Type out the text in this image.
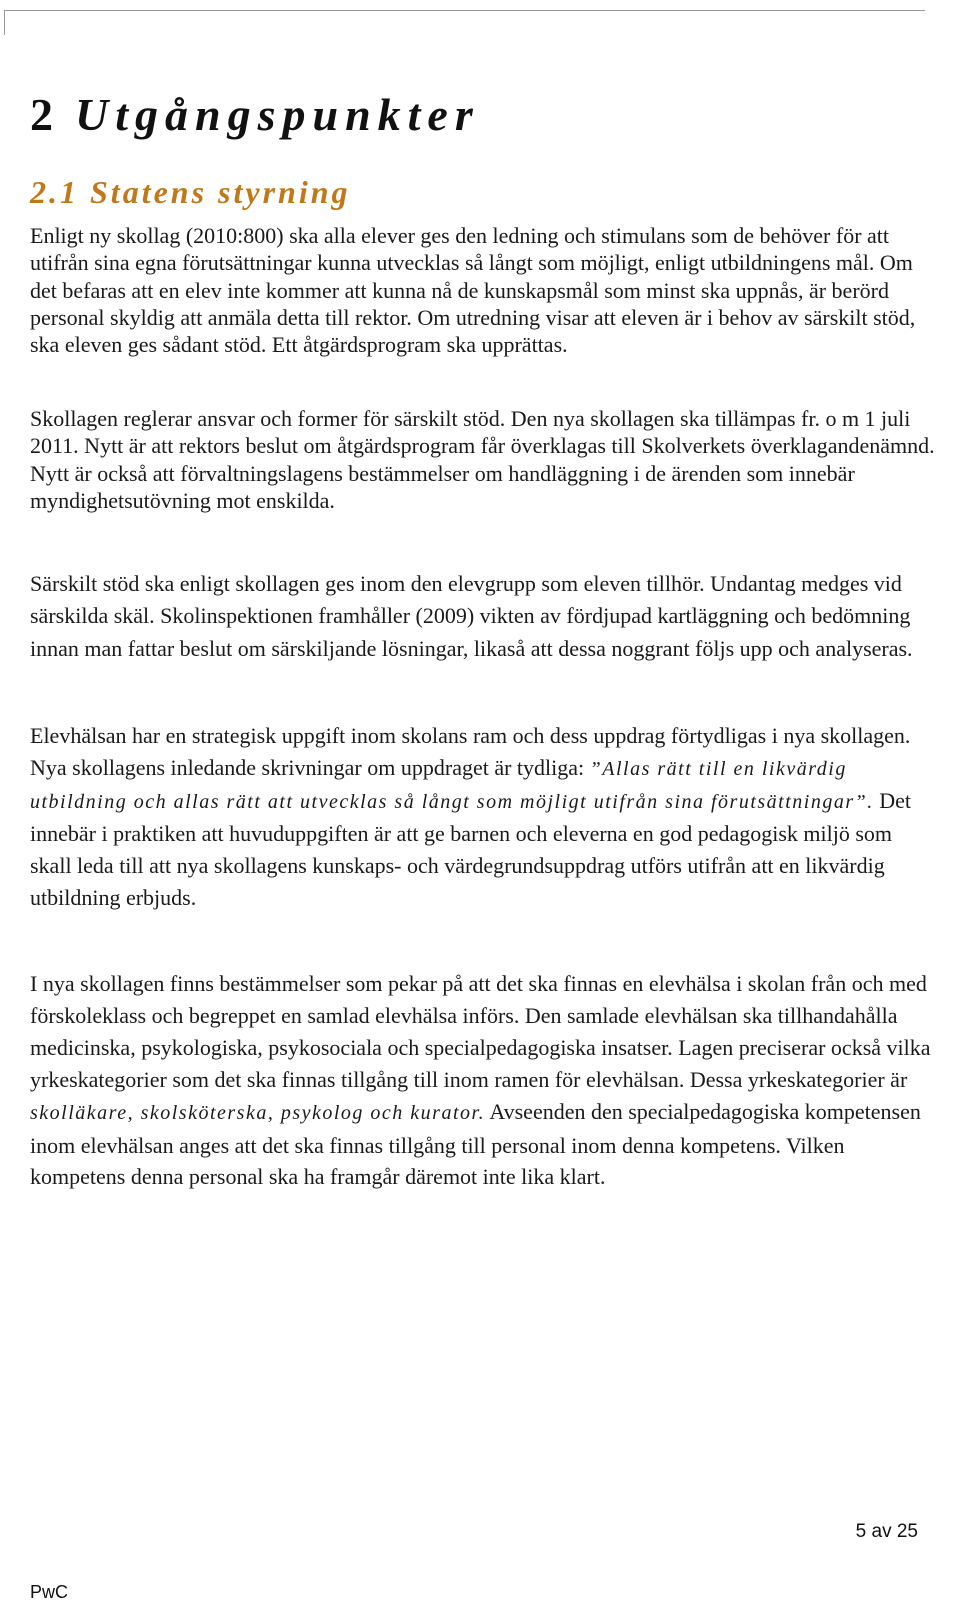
2 Utgångspunkter
2.1 Statens styrning

Enligt ny skollag (2010:800) ska alla elever ges den ledning och stimulans som de behöver för att utifrån sina egna förutsättningar kunna utvecklas så långt som möjligt, enligt utbildningens mål. Om det befaras att en elev inte kommer att kunna nå de kunskapsmål som minst ska uppnås, är berörd personal skyldig att anmäla detta till rektor. Om utredning visar att eleven är i behov av särskilt stöd, ska eleven ges sådant stöd. Ett åtgärdsprogram ska upprättas.

Skollagen reglerar ansvar och former för särskilt stöd. Den nya skollagen ska tillämpas fr. o m 1 juli 2011. Nytt är att rektors beslut om åtgärdsprogram får överklagas till Skolverkets överklagandenämnd. Nytt är också att förvaltningslagens bestämmelser om handläggning i de ärenden som innebär myndighetsutövning mot enskilda.

Särskilt stöd ska enligt skollagen ges inom den elevgrupp som eleven tillhör. Undantag medges vid särskilda skäl. Skolinspektionen framhåller (2009) vikten av fördjupad kartläggning och bedömning innan man fattar beslut om särskiljande lösningar, likaså att dessa noggrant följs upp och analyseras.

Elevhälsan har en strategisk uppgift inom skolans ram och dess uppdrag förtydligas i nya skollagen. Nya skollagens inledande skrivningar om uppdraget är tydliga: ”Allas rätt till en likvärdig utbildning och allas rätt att utvecklas så långt som möjligt utifrån sina förutsättningar”. Det innebär i praktiken att huvuduppgiften är att ge barnen och eleverna en god pedagogisk miljö som skall leda till att nya skollagens kunskaps- och värdegrundsuppdrag utförs utifrån att en likvärdig utbildning erbjuds.

I nya skollagen finns bestämmelser som pekar på att det ska finnas en elevhälsa i skolan från och med förskoleklass och begreppet en samlad elevhälsa införs. Den samlade elevhälsan ska tillhandahålla medicinska, psykologiska, psykosociala och specialpedagogiska insatser. Lagen preciserar också vilka yrkeskategorier som det ska finnas tillgång till inom ramen för elevhälsan. Dessa yrkeskategorier är skolläkare, skolsköterska, psykolog och kurator. Avseenden den specialpedagogiska kompetensen inom elevhälsan anges att det ska finnas tillgång till personal inom denna kompetens. Vilken kompetens denna personal ska ha framgår däremot inte lika klart.

5 av 25
PwC
